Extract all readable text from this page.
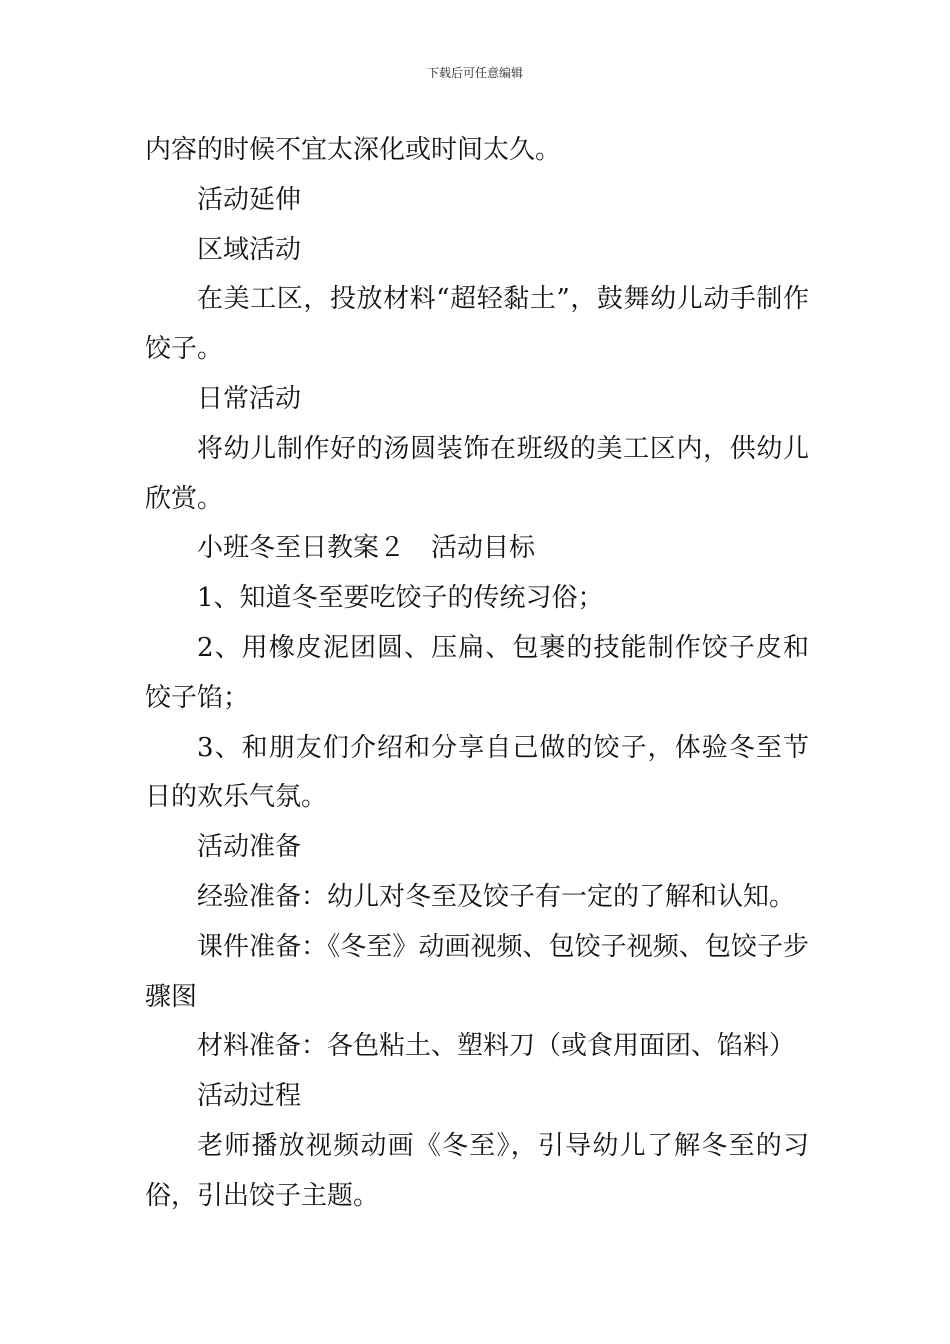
下载后可任意编辑

内容的时候不宜太深化或时间太久。

活动延伸

区域活动

在美工区，投放材料“超轻黏土”，鼓舞幼儿动手制作饺子。

日常活动

将幼儿制作好的汤圆装饰在班级的美工区内，供幼儿欣赏。

小班冬至日教案２　活动目标

1、知道冬至要吃饺子的传统习俗；

2、用橡皮泥团圆、压扁、包裹的技能制作饺子皮和饺子馅；

3、和朋友们介绍和分享自己做的饺子，体验冬至节日的欢乐气氛。

活动准备

经验准备：幼儿对冬至及饺子有一定的了解和认知。

课件准备：《冬至》动画视频、包饺子视频、包饺子步骤图

材料准备：各色粘土、塑料刀（或食用面团、馅料）

活动过程

老师播放视频动画《冬至》，引导幼儿了解冬至的习俗，引出饺子主题。
